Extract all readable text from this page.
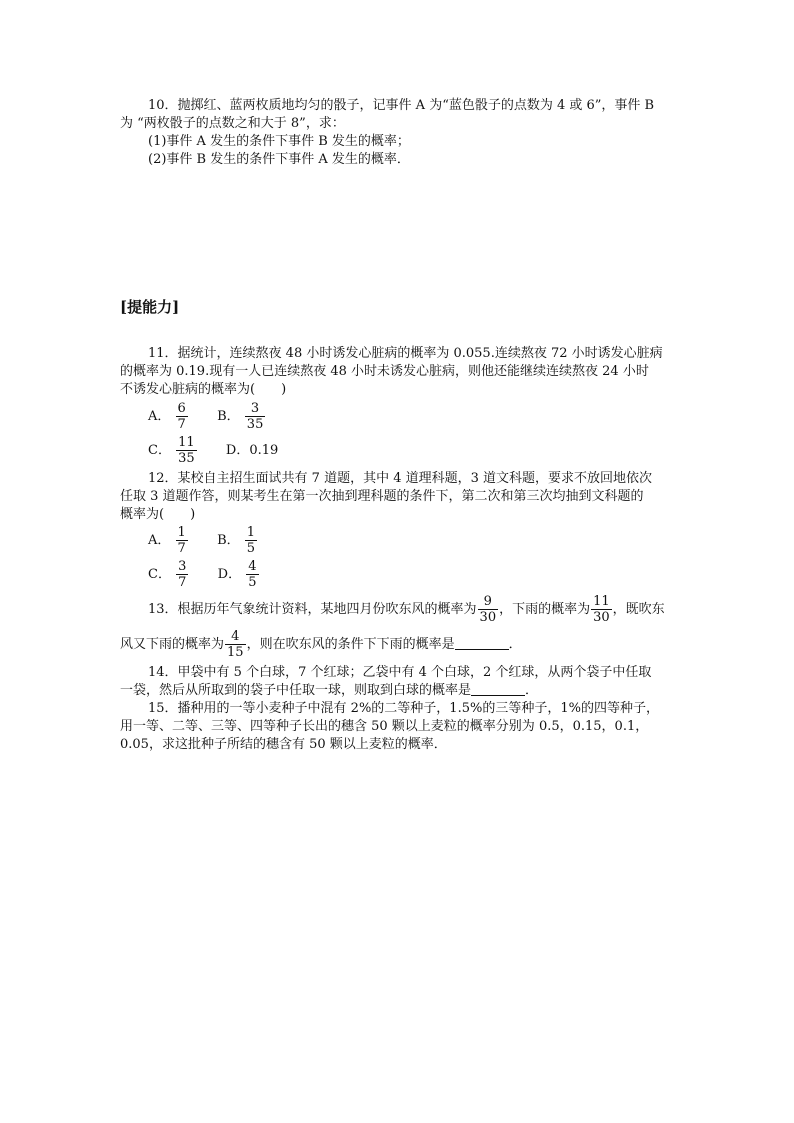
10．抛掷红、蓝两枚质地均匀的骰子，记事件 A 为“蓝色骰子的点数为 4 或 6”，事件 B
为 “两枚骰子的点数之和大于 8”，求：
(1)事件 A 发生的条件下事件 B 发生的概率；
(2)事件 B 发生的条件下事件 A 发生的概率．
[提能力]
11．据统计，连续熬夜 48 小时诱发心脏病的概率为 0.055.连续熬夜 72 小时诱发心脏病
的概率为 0.19.现有一人已连续熬夜 48 小时未诱发心脏病，则他还能继续连续熬夜 24 小时
不诱发心脏病的概率为(　　)
A． $\frac{6}{7}$ B． $\frac{3}{35}$
C． $\frac{11}{35}$ D．0.19
12．某校自主招生面试共有 7 道题，其中 4 道理科题，3 道文科题，要求不放回地依次
任取 3 道题作答，则某考生在第一次抽到理科题的条件下，第二次和第三次均抽到文科题的
概率为(　　)
A． $\frac{1}{7}$ B． $\frac{1}{5}$
C． $\frac{3}{7}$ D． $\frac{4}{5}$
13．根据历年气象统计资料，某地四月份吹东风的概率为 $\frac{9}{30}$ ，下雨的概率为 $\frac{11}{30}$ ，既吹东
风又下雨的概率为 $\frac{4}{15}$ ，则在吹东风的条件下下雨的概率是	．
14．甲袋中有 5 个白球，7 个红球；乙袋中有 4 个白球，2 个红球，从两个袋子中任取
一袋，然后从所取到的袋子中任取一球，则取到白球的概率是	．
15．播种用的一等小麦种子中混有 2%的二等种子，1.5%的三等种子，1%的四等种子，
用一等、二等、三等、四等种子长出的穗含 50 颗以上麦粒的概率分别为 0.5，0.15，0.1，
0.05，求这批种子所结的穗含有 50 颗以上麦粒的概率．
